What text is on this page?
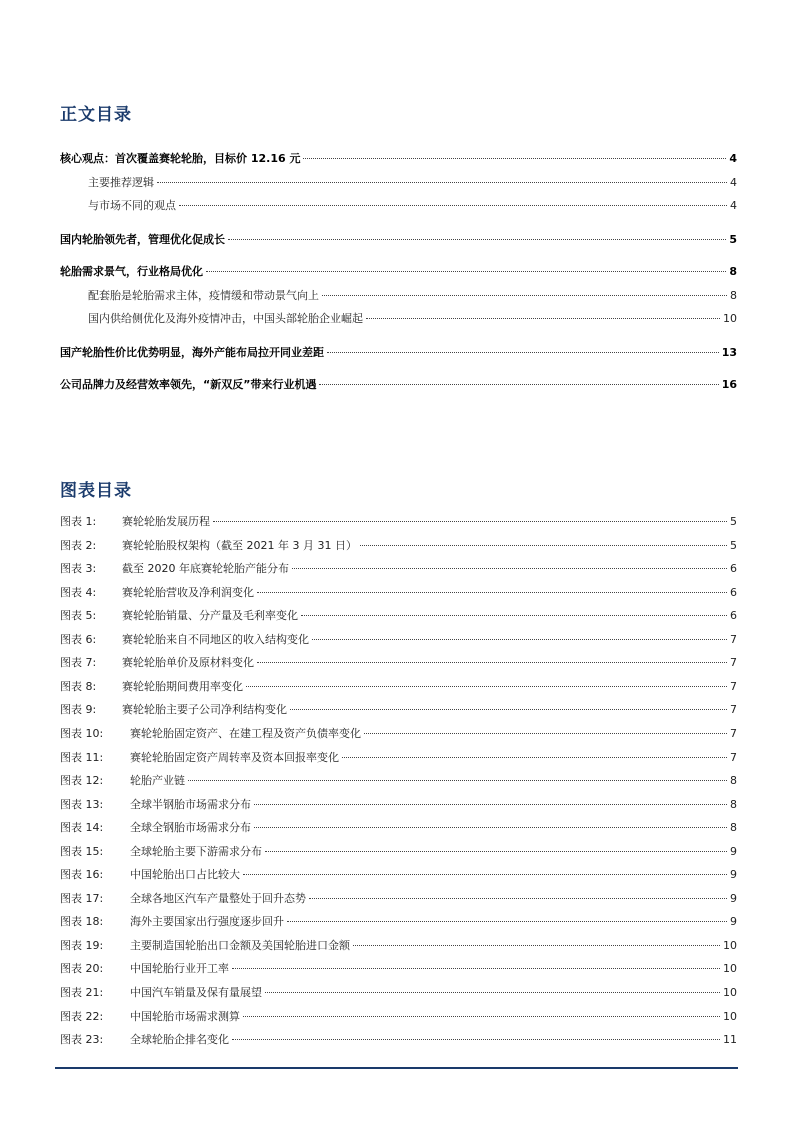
正文目录
核心观点：首次覆盖赛轮轮胎，目标价 12.16 元	4
主要推荐逻辑	4
与市场不同的观点	4
国内轮胎领先者，管理优化促成长	5
轮胎需求景气，行业格局优化	8
配套胎是轮胎需求主体，疫情缓和带动景气向上	8
国内供给侧优化及海外疫情冲击，中国头部轮胎企业崛起	10
国产轮胎性价比优势明显，海外产能布局拉开同业差距	13
公司品牌力及经营效率领先，“新双反”带来行业机遇	16
图表目录
图表 1: 赛轮轮胎发展历程	5
图表 2: 赛轮轮胎股权架构（截至 2021 年 3 月 31 日）	5
图表 3: 截至 2020 年底赛轮轮胎产能分布	6
图表 4: 赛轮轮胎营收及净利润变化	6
图表 5: 赛轮轮胎销量、分产量及毛利率变化	6
图表 6: 赛轮轮胎来自不同地区的收入结构变化	7
图表 7: 赛轮轮胎单价及原材料变化	7
图表 8: 赛轮轮胎期间费用率变化	7
图表 9: 赛轮轮胎主要子公司净利结构变化	7
图表 10: 赛轮轮胎固定资产、在建工程及资产负债率变化	7
图表 11: 赛轮轮胎固定资产周转率及资本回报率变化	7
图表 12: 轮胎产业链	8
图表 13: 全球半钢胎市场需求分布	8
图表 14: 全球全钢胎市场需求分布	8
图表 15: 全球轮胎主要下游需求分布	9
图表 16: 中国轮胎出口占比较大	9
图表 17: 全球各地区汽车产量整处于回升态势	9
图表 18: 海外主要国家出行强度逐步回升	9
图表 19: 主要制造国轮胎出口金额及美国轮胎进口金额	10
图表 20: 中国轮胎行业开工率	10
图表 21: 中国汽车销量及保有量展望	10
图表 22: 中国轮胎市场需求测算	10
图表 23: 全球轮胎企排名变化	11
